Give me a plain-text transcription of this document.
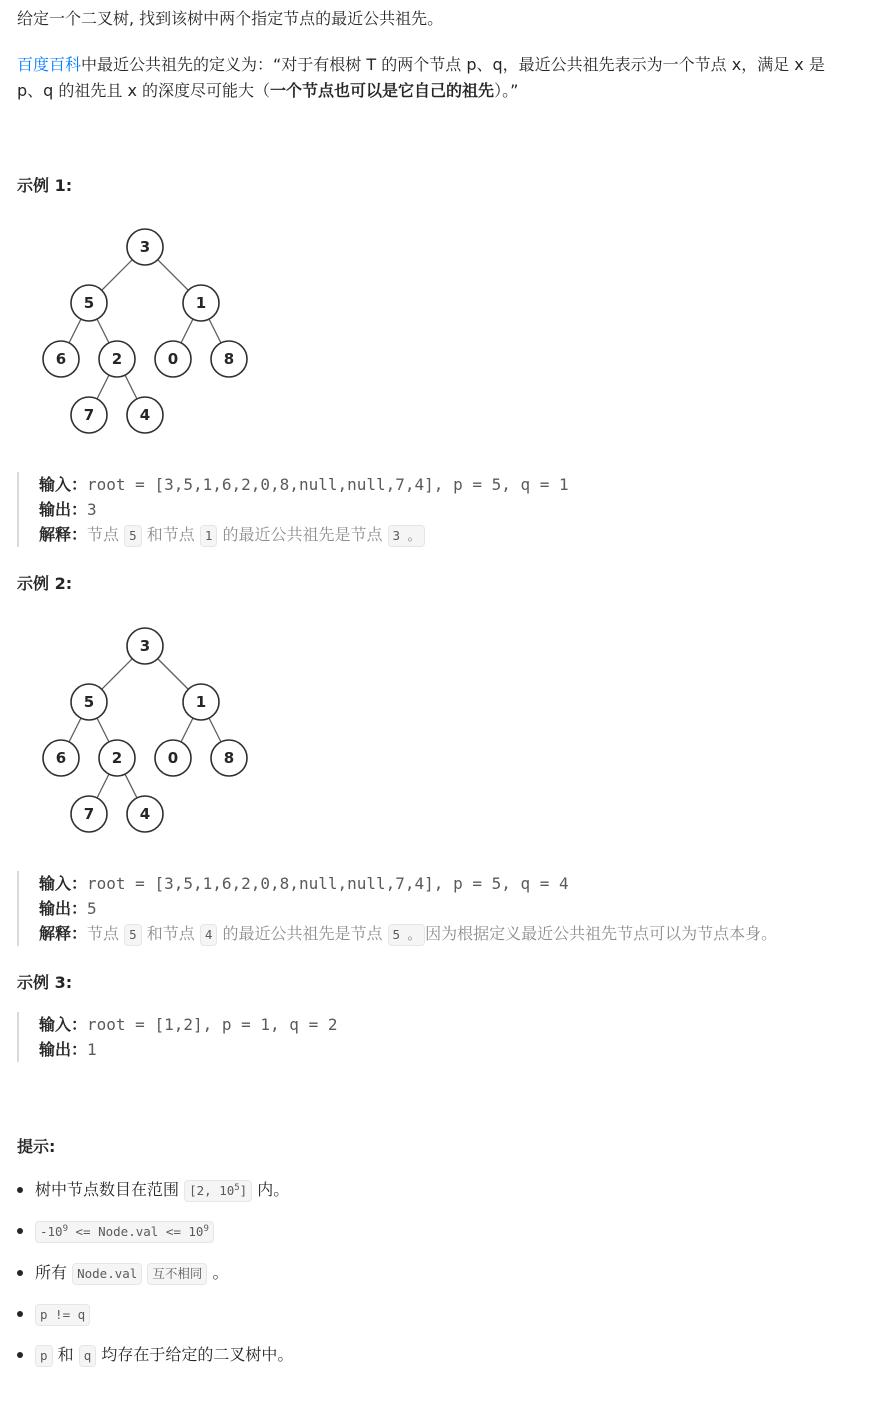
给定一个二叉树, 找到该树中两个指定节点的最近公共祖先。
百度百科中最近公共祖先的定义为：“对于有根树 T 的两个节点 p、q，最近公共祖先表示为一个节点 x，满足 x 是
p、q 的祖先且 x 的深度尽可能大（一个节点也可以是它自己的祖先）。”
示例 1:
3
5	1
6	2	0	8
7	4
输入：root = [3,5,1,6,2,0,8,null,null,7,4], p = 5, q = 1
输出：3
解释：节点 5 和节点 1 的最近公共祖先是节点 3 。
示例 2:
3
5	1
6	2	0	8
7	4
输入：root = [3,5,1,6,2,0,8,null,null,7,4], p = 5, q = 4
输出：5
解释：节点 5 和节点 4 的最近公共祖先是节点 5 。 因为根据定义最近公共祖先节点可以为节点本身。
示例 3:
输入：root = [1,2], p = 1, q = 2
输出：1
提示:
树中节点数目在范围 [2, $10^5$] 内。
$-10^9$ <= Node.val <= $10^9$
所有 Node.val 互不相同 。
p != q
p 和 q 均存在于给定的二叉树中。
